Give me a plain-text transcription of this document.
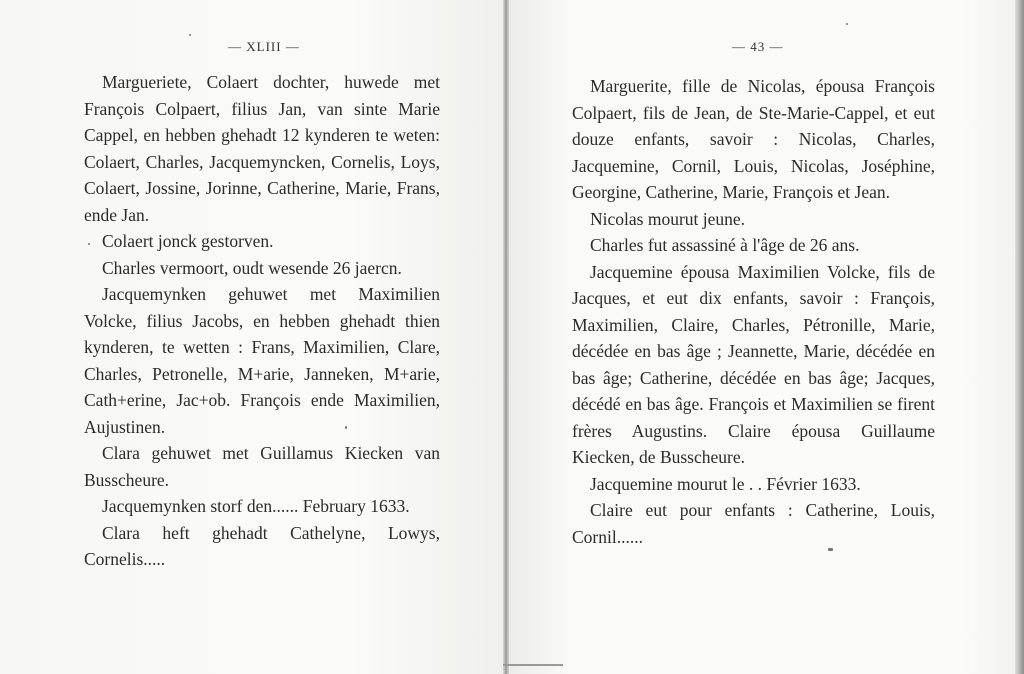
— XLIII —

Margueriete, Colaert dochter, huwede met François Colpaert, filius Jan, van sinte Marie Cappel, en hebben ghehadt 12 kynderen te weten: Colaert, Charles, Jacquemyncken, Cornelis, Loys, Colaert, Jossine, Jorinne, Catherine, Marie, Frans, ende Jan.

Colaert jonck gestorven.

Charles vermoort, oudt wesende 26 jaercn.

Jacquemynken gehuwet met Maximilien Volcke, filius Jacobs, en hebben ghehadt thien kynderen, te wetten : Frans, Maximilien, Clare, Charles, Petronelle, M+arie, Janneken, M+arie, Cath+erine, Jac+ob. François ende Maximilien, Aujustinen.

Clara gehuwet met Guillamus Kiecken van Busscheure.

Jacquemynken storf den...... February 1633.

Clara heft ghehadt Cathelyne, Lowys, Cornelis.....

— 43 —

Marguerite, fille de Nicolas, épousa François Colpaert, fils de Jean, de Ste-Marie-Cappel, et eut douze enfants, savoir : Nicolas, Charles, Jacquemine, Cornil, Louis, Nicolas, Joséphine, Georgine, Catherine, Marie, François et Jean.

Nicolas mourut jeune.

Charles fut assassiné à l'âge de 26 ans.

Jacquemine épousa Maximilien Volcke, fils de Jacques, et eut dix enfants, savoir : François, Maximilien, Claire, Charles, Pétronille, Marie, décédée en bas âge ; Jeannette, Marie, décédée en bas âge; Catherine, décédée en bas âge; Jacques, décédé en bas âge. François et Maximilien se firent frères Augustins. Claire épousa Guillaume Kiecken, de Busscheure.

Jacquemine mourut le . . Février 1633.

Claire eut pour enfants : Catherine, Louis, Cornil......
